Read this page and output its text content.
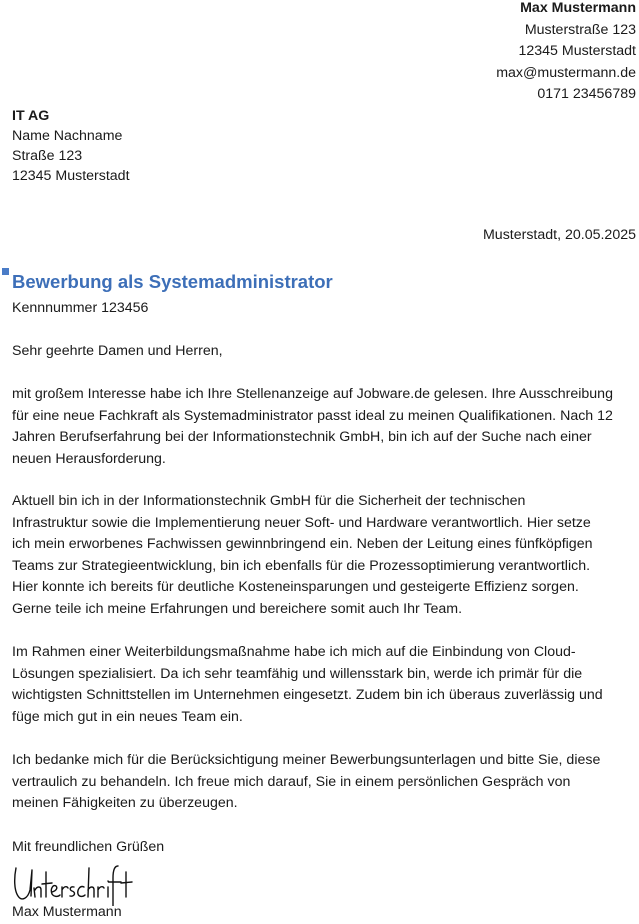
Max Mustermann
Musterstraße 123
12345 Musterstadt
max@mustermann.de
0171 23456789
IT AG
Name Nachname
Straße 123
12345 Musterstadt
Musterstadt, 20.05.2025
Bewerbung als Systemadministrator
Kennnummer 123456
Sehr geehrte Damen und Herren,
mit großem Interesse habe ich Ihre Stellenanzeige auf Jobware.de gelesen. Ihre Ausschreibung
für eine neue Fachkraft als Systemadministrator passt ideal zu meinen Qualifikationen. Nach 12
Jahren Berufserfahrung bei der Informationstechnik GmbH, bin ich auf der Suche nach einer
neuen Herausforderung.
Aktuell bin ich in der Informationstechnik GmbH für die Sicherheit der technischen
Infrastruktur sowie die Implementierung neuer Soft- und Hardware verantwortlich. Hier setze
ich mein erworbenes Fachwissen gewinnbringend ein. Neben der Leitung eines fünfköpfigen
Teams zur Strategieentwicklung, bin ich ebenfalls für die Prozessoptimierung verantwortlich.
Hier konnte ich bereits für deutliche Kosteneinsparungen und gesteigerte Effizienz sorgen.
Gerne teile ich meine Erfahrungen und bereichere somit auch Ihr Team.
Im Rahmen einer Weiterbildungsmaßnahme habe ich mich auf die Einbindung von Cloud-
Lösungen spezialisiert. Da ich sehr teamfähig und willensstark bin, werde ich primär für die
wichtigsten Schnittstellen im Unternehmen eingesetzt. Zudem bin ich überaus zuverlässig und
füge mich gut in ein neues Team ein.
Ich bedanke mich für die Berücksichtigung meiner Bewerbungsunterlagen und bitte Sie, diese
vertraulich zu behandeln. Ich freue mich darauf, Sie in einem persönlichen Gespräch von
meinen Fähigkeiten zu überzeugen.
Mit freundlichen Grüßen
Max Mustermann
